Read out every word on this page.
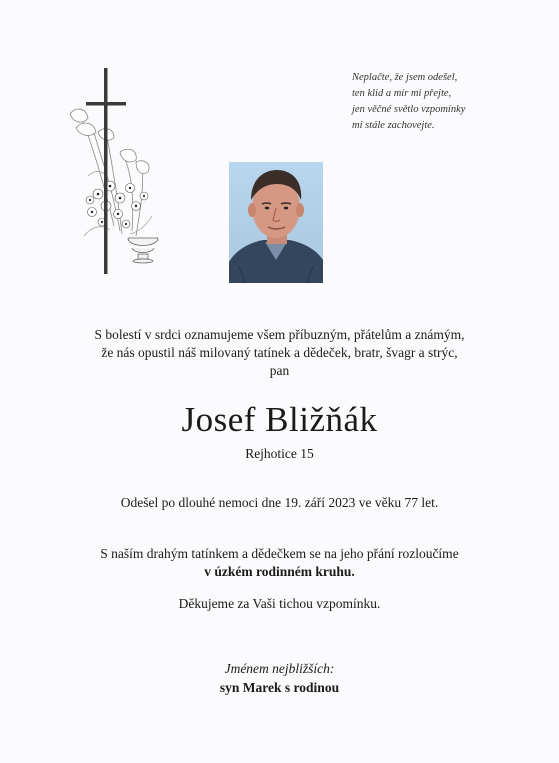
Neplačte, že jsem odešel,
ten klid a mír mi přejte,
jen věčné světlo vzpomínky
mi stále zachovejte.
S bolestí v srdci oznamujeme všem příbuzným, přátelům a známým,
že nás opustil náš milovaný tatínek a dědeček, bratr, švagr a strýc,
pan
Josef Bližňák
Rejhotice 15
Odešel po dlouhé nemoci dne 19. září 2023 ve věku 77 let.
S naším drahým tatínkem a dědečkem se na jeho přání rozloučíme
v úzkém rodinném kruhu.
Děkujeme za Vaši tichou vzpomínku.
Jménem nejbližších:
syn Marek s rodinou
